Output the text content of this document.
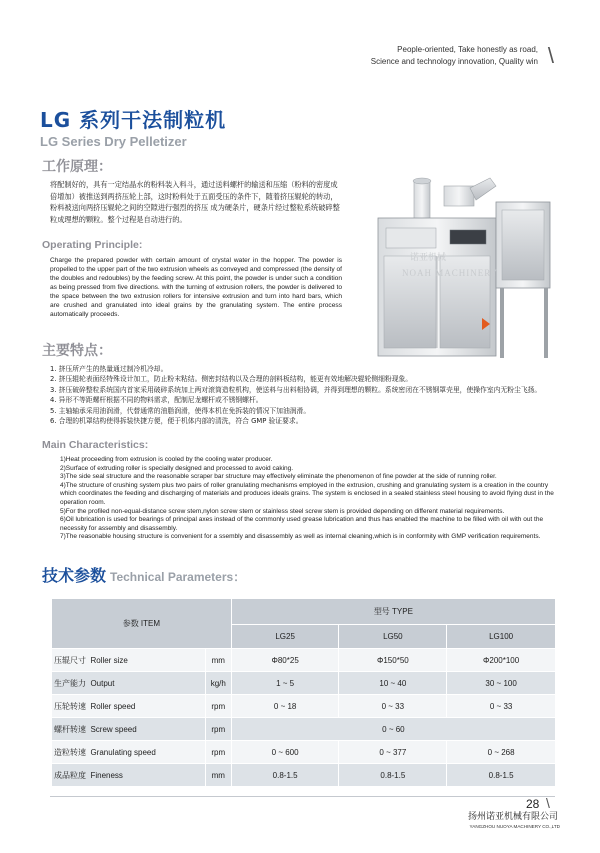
People-oriented, Take honestly as road,
Science and technology innovation, Quality win \
LG 系列干法制粒机
LG Series Dry Pelletizer
工作原理：
将配制好的，具有一定结晶水的粉料装入料斗，通过送料螺杆的输送和压缩（粉料的密度成倍增加）被推送到两挤压轮上部，这时粉料处于五面受压的条件下，随着挤压辊轮的转动，粉料被送向两挤压辊轮之间的空隙进行强烈的挤压 成为硬条片，硬条片经过整粒系统破碎整粒成理想的颗粒。整个过程是自动进行的。
Operating Principle:
Charge the prepared powder with certain amount of crystal water in the hopper. The powder is propelled to the upper part of the two extrusion wheels as conveyed and compressed (the density of the doubles and redoubles) by the feeding screw. At this point, the powder is under such a condition as being pressed from five directions. with the turning of extrusion rollers, the powder is delivered to the space between the two extrusion rollers for intensive extrusion and turn into hard bars, which are crushed and granulated into ideal grains by the granulating system. The entire process automatically proceeds.
诺亚机械
NOAH MACHINERY
主要特点：
1. 挤压所产生的热量通过制冷机冷却。
2. 挤压辊轮表面经特殊设计加工，防止粉末粘结。侧密封结构以及合理的剖料板结构，能更有效地解决辊轮侧细粉现象。
3. 挤压破碎整粒系统国内首家采用破碎系统加上两对滚筒造粒机构，使送料与出料相协调，并得到理想的颗粒。系统密闭在不锈钢罩壳里，使操作室内无粉尘飞扬。
4. 异形不等距螺杆根据不同的物料需求，配制尼龙螺杆或不锈钢螺杆。
5. 主轴轴承采用油润滑，代替通常的油脂润滑，使得本机在免拆装的情况下加油润滑。
6. 合理的机罩结构使得拆装快捷方便，便于机体内部的清洗，符合 GMP 验证要求。
Main Characteristics:
1)Heat proceeding from extrusion is cooled by the cooling water producer.
2)Surface of extruding roller is specially designed and processed to avoid caking.
3)The side seal structure and the reasonable scraper bar structure may effectively eliminate the phenomenon of fine powder at the side of running roller.
4)The structure of crushing system plus two pairs of roller granulating mechanisms employed in the extrusion, crushing and granulating system is a creation in the country which coordinates the feeding and discharging of materials and produces ideals grains. The system is enclosed in a sealed stainless steel housing to avoid flying dust in the operation room.
5)For the profiled non-equal-distance screw stem,nylon screw stem or stainless steel screw stem is provided depending on different material requirements.
6)Oil lubrication is used for bearings of principal axes instead of the commonly used grease lubrication and thus has enabled the machine to be filled with oil with out the necessity for assembly and disassembly.
7)The reasonable housing structure is convenient for a ssembly and disassembly as well as internal cleaning,which is in conformity with GMP verification requirements.
技术参数 Technical Parameters：
参数 ITEM		型号 TYPE		
		LG25	LG50	LG100
压辊尺寸 Roller size	mm	Φ80*25	Φ150*50	Φ200*100
生产能力 Output	kg/h	1 ~ 5	10 ~ 40	30 ~ 100
压轮转速 Roller speed	rpm	0 ~ 18	0 ~ 33	0 ~ 33
螺杆转速 Screw speed	rpm	0 ~ 60		
造粒转速 Granulating speed	rpm	0 ~ 600	0 ~ 377	0 ~ 268
成品粒度 Fineness	mm	0.8-1.5	0.8-1.5	0.8-1.5
28 \
扬州诺亚机械有限公司
YANGZHOU NUOYA MACHINERY CO.,LTD
